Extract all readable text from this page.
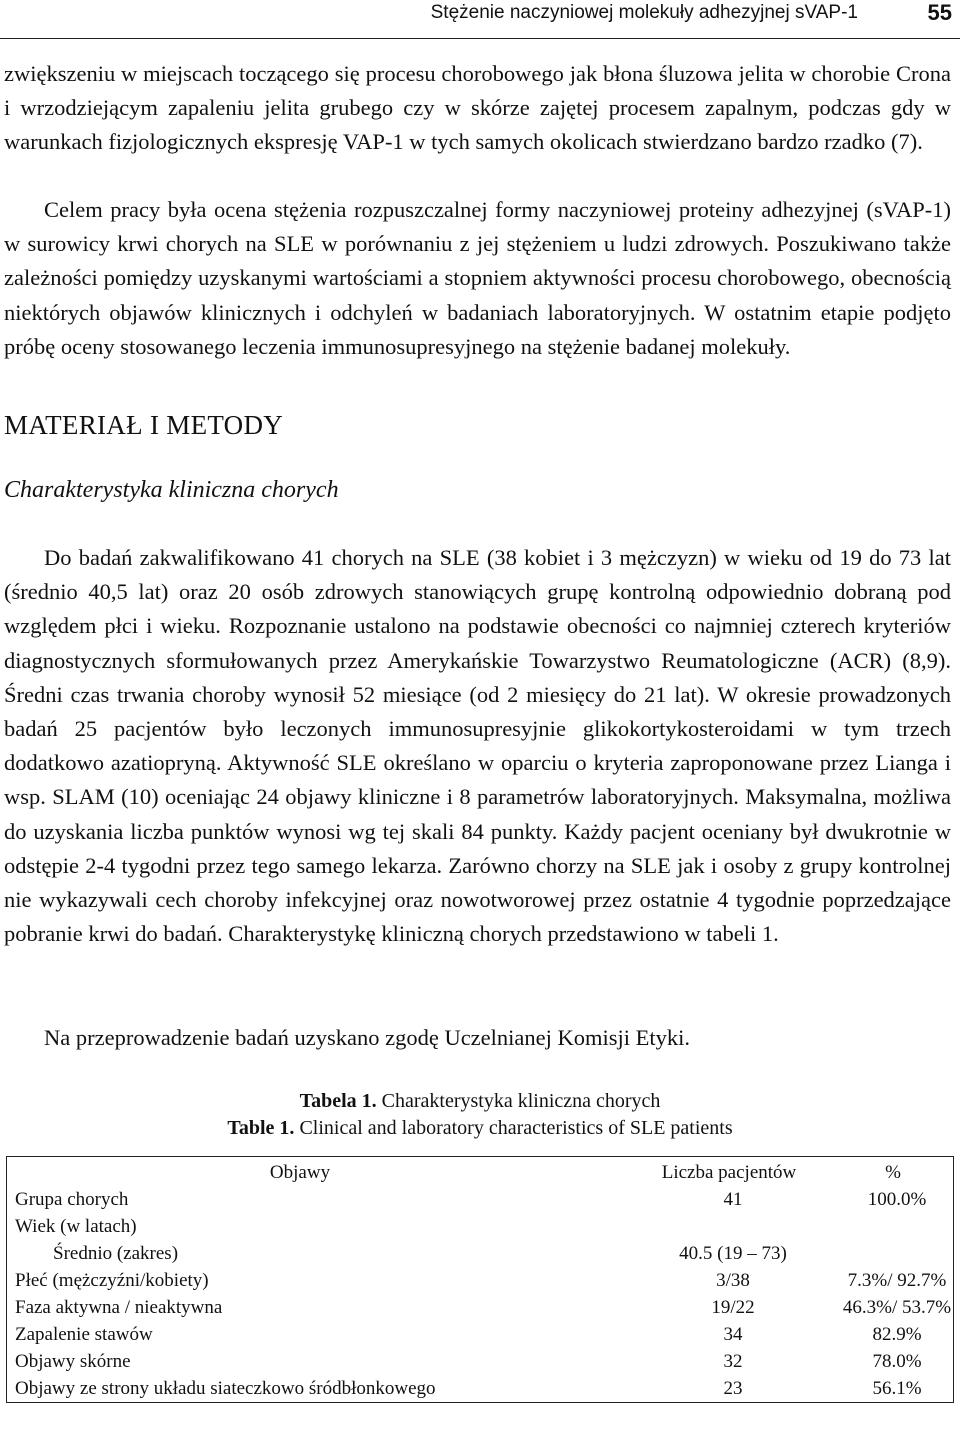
Stężenie naczyniowej molekuły adhezyjnej sVAP-1	55

zwiększeniu w miejscach toczącego się procesu chorobowego jak błona śluzowa jelita w chorobie Crona i wrzodziejącym zapaleniu jelita grubego czy w skórze zajętej procesem zapalnym, podczas gdy w warunkach fizjologicznych ekspresję VAP-1 w tych samych okolicach stwierdzano bardzo rzadko (7).

Celem pracy była ocena stężenia rozpuszczalnej formy naczyniowej proteiny adhezyjnej (sVAP-1) w surowicy krwi chorych na SLE w porównaniu z jej stężeniem u ludzi zdrowych. Poszukiwano także zależności pomiędzy uzyskanymi wartościami a stopniem aktywności procesu chorobowego, obecnością niektórych objawów klinicznych i odchyleń w badaniach laboratoryjnych. W ostatnim etapie podjęto próbę oceny stosowanego leczenia immunosupresyjnego na stężenie badanej molekuły.

MATERIAŁ I METODY
Charakterystyka kliniczna chorych

Do badań zakwalifikowano 41 chorych na SLE (38 kobiet i 3 mężczyzn) w wieku od 19 do 73 lat (średnio 40,5 lat) oraz 20 osób zdrowych stanowiących grupę kontrolną odpowiednio dobraną pod względem płci i wieku. Rozpoznanie ustalono na podstawie obecności co najmniej czterech kryteriów diagnostycznych sformułowanych przez Amerykańskie Towarzystwo Reumatologiczne (ACR) (8,9). Średni czas trwania choroby wynosił 52 miesiące (od 2 miesięcy do 21 lat). W okresie prowadzonych badań 25 pacjentów było leczonych immunosupresyjnie glikokortykosteroidami w tym trzech dodatkowo azatiopryną. Aktywność SLE określano w oparciu o kryteria zaproponowane przez Lianga i wsp. SLAM (10) oceniając 24 objawy kliniczne i 8 parametrów laboratoryjnych. Maksymalna, możliwa do uzyskania liczba punktów wynosi wg tej skali 84 punkty. Każdy pacjent oceniany był dwukrotnie w odstępie 2-4 tygodni przez tego samego lekarza. Zarówno chorzy na SLE jak i osoby z grupy kontrolnej nie wykazywali cech choroby infekcyjnej oraz nowotworowej przez ostatnie 4 tygodnie poprzedzające pobranie krwi do badań. Charakterystykę kliniczną chorych przedstawiono w tabeli 1.

Na przeprowadzenie badań uzyskano zgodę Uczelnianej Komisji Etyki.

Tabela 1. Charakterystyka kliniczna chorych
Table 1. Clinical and laboratory characteristics of SLE patients
Objawy	Liczba pacjentów	%
Grupa chorych	41	100.0%
Wiek (w latach)		
Średnio (zakres)	40.5 (19 – 73)	
Płeć (mężczyźni/kobiety)	3/38	7.3%/ 92.7%
Faza aktywna / nieaktywna	19/22	46.3%/ 53.7%
Zapalenie stawów	34	82.9%
Objawy skórne	32	78.0%
Objawy ze strony układu siateczkowo śródbłonkowego	23	56.1%
